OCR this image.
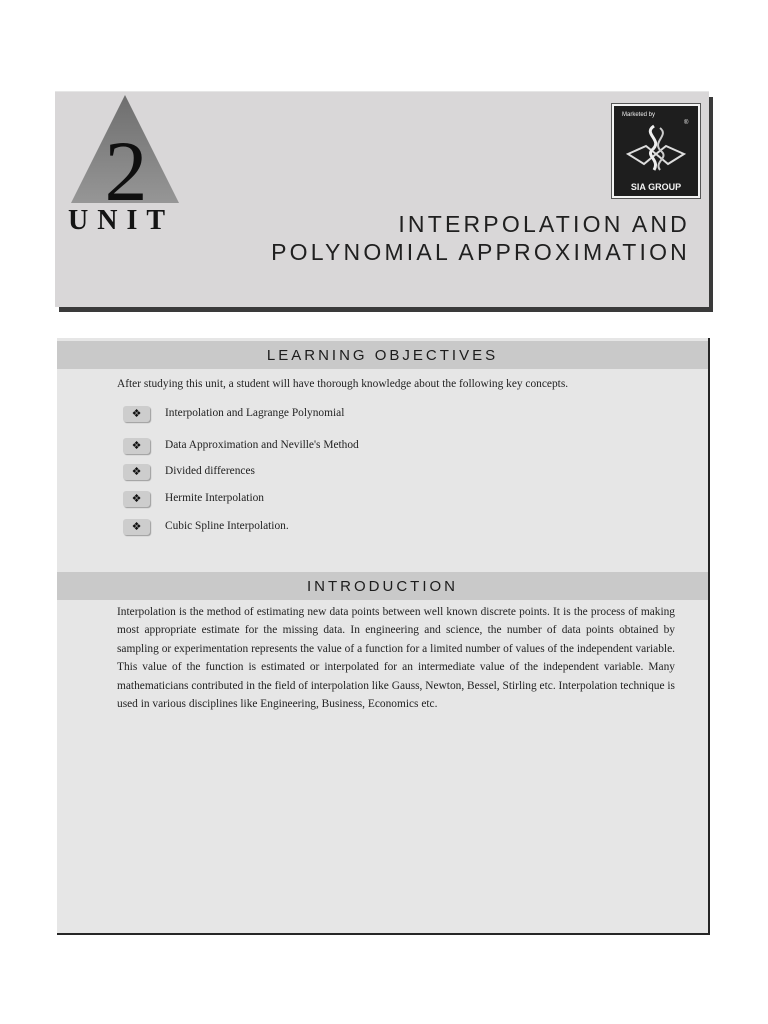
2
UNIT
Marketed by
®
SIA GROUP
INTERPOLATION AND
POLYNOMIAL APPROXIMATION
LEARNING OBJECTIVES
INTRODUCTION
After studying this unit, a student will have thorough knowledge about the following key concepts.
❖	Interpolation and Lagrange Polynomial
❖	Data Approximation and Neville's Method
❖	Divided differences
❖	Hermite Interpolation
❖	Cubic Spline Interpolation.
Interpolation is the method of estimating new data points between well known discrete points. It is the process of making most appropriate estimate for the missing data. In engineering and science, the number of data points obtained by sampling or experimentation represents the value of a function for a limited number of values of the independent variable. This value of the function is estimated or interpolated for an intermediate value of the independent variable. Many mathematicians contributed in the field of interpolation like Gauss, Newton, Bessel, Stirling etc. Interpolation technique is used in various disciplines like Engineering, Business, Economics etc.
